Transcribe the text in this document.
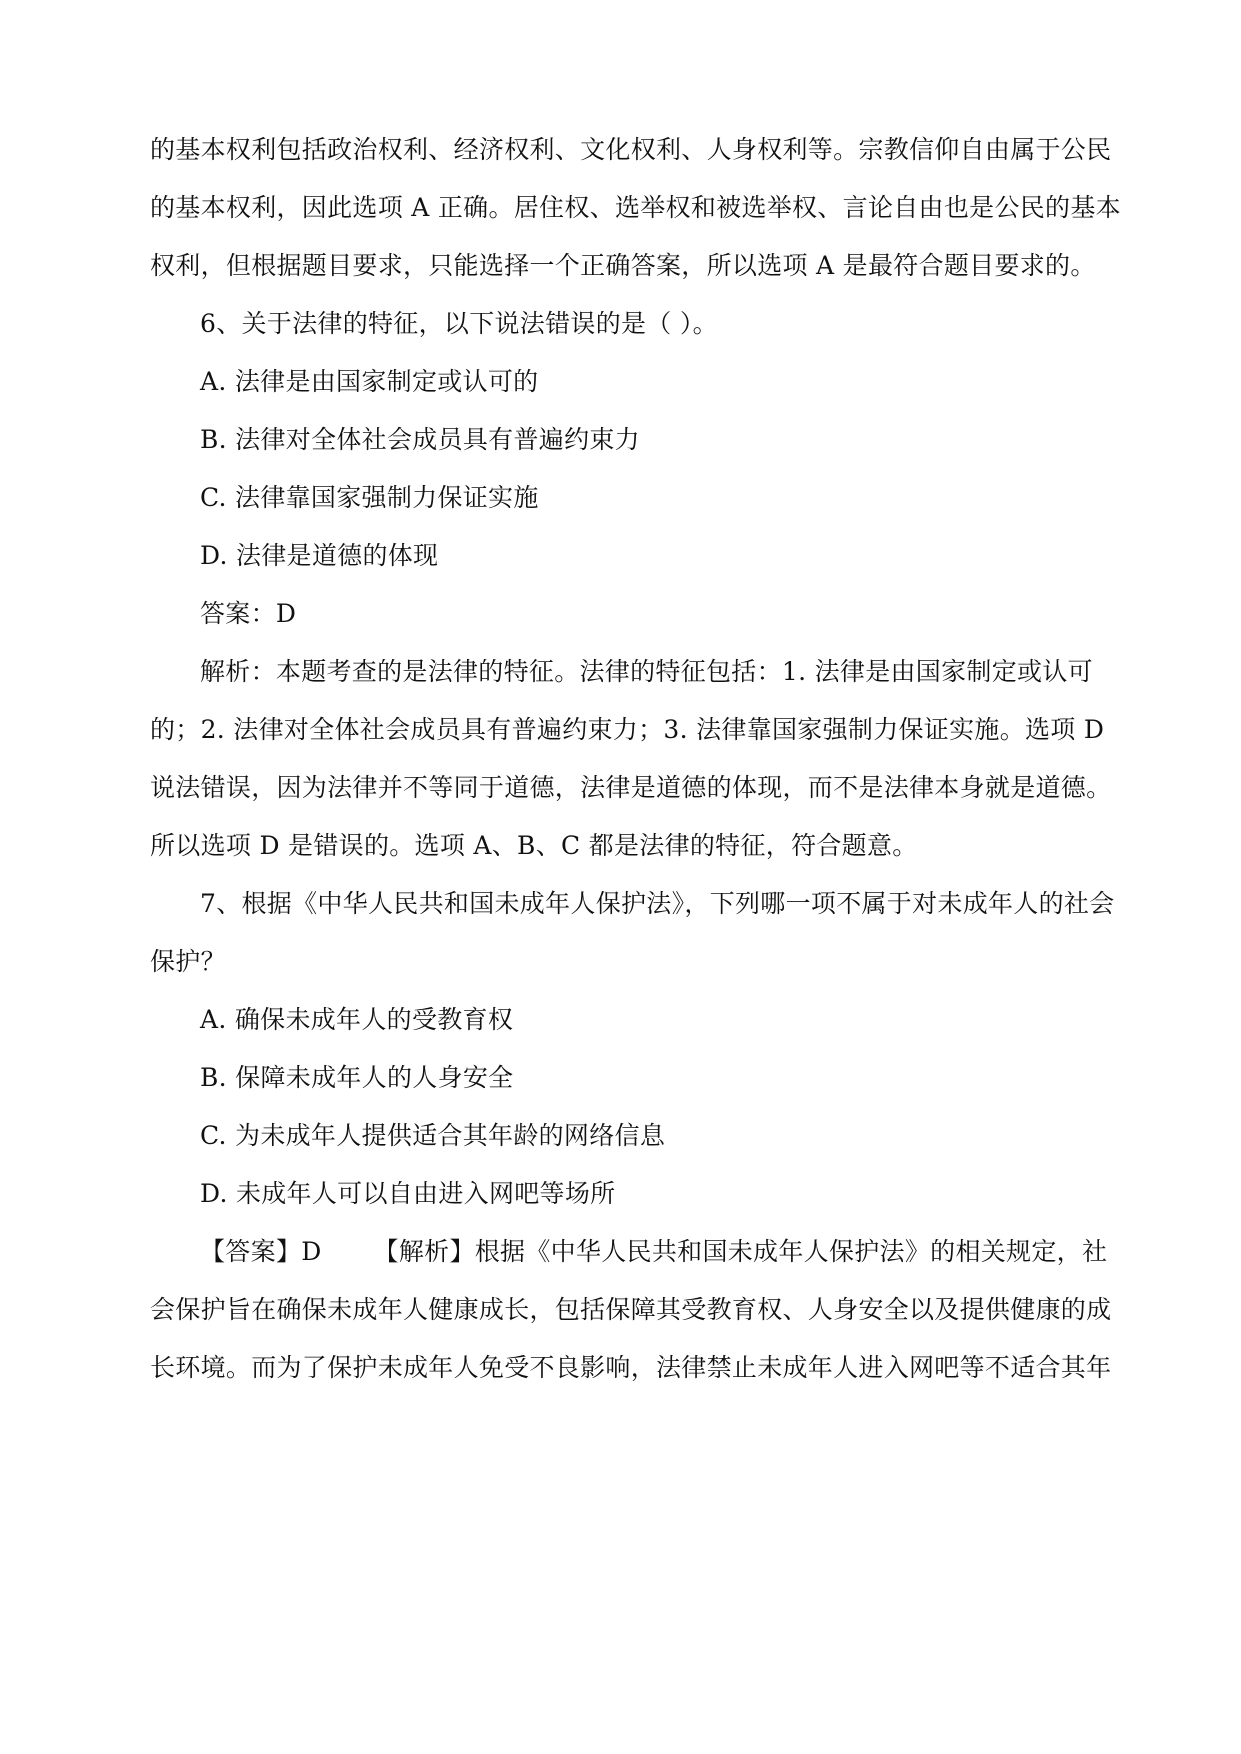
的基本权利包括政治权利、经济权利、文化权利、人身权利等。宗教信仰自由属于公民
的基本权利，因此选项 A 正确。居住权、选举权和被选举权、言论自由也是公民的基本
权利，但根据题目要求，只能选择一个正确答案，所以选项 A 是最符合题目要求的。
6、关于法律的特征，以下说法错误的是（ ）。
A. 法律是由国家制定或认可的
B. 法律对全体社会成员具有普遍约束力
C. 法律靠国家强制力保证实施
D. 法律是道德的体现
答案：D
解析：本题考查的是法律的特征。法律的特征包括：1. 法律是由国家制定或认可
的；2. 法律对全体社会成员具有普遍约束力；3. 法律靠国家强制力保证实施。选项 D
说法错误，因为法律并不等同于道德，法律是道德的体现，而不是法律本身就是道德。
所以选项 D 是错误的。选项 A、B、C 都是法律的特征，符合题意。
7、根据《中华人民共和国未成年人保护法》，下列哪一项不属于对未成年人的社会
保护？
A. 确保未成年人的受教育权
B. 保障未成年人的人身安全
C. 为未成年人提供适合其年龄的网络信息
D. 未成年人可以自由进入网吧等场所
【答案】D 【解析】根据《中华人民共和国未成年人保护法》的相关规定，社
会保护旨在确保未成年人健康成长，包括保障其受教育权、人身安全以及提供健康的成
长环境。而为了保护未成年人免受不良影响，法律禁止未成年人进入网吧等不适合其年
